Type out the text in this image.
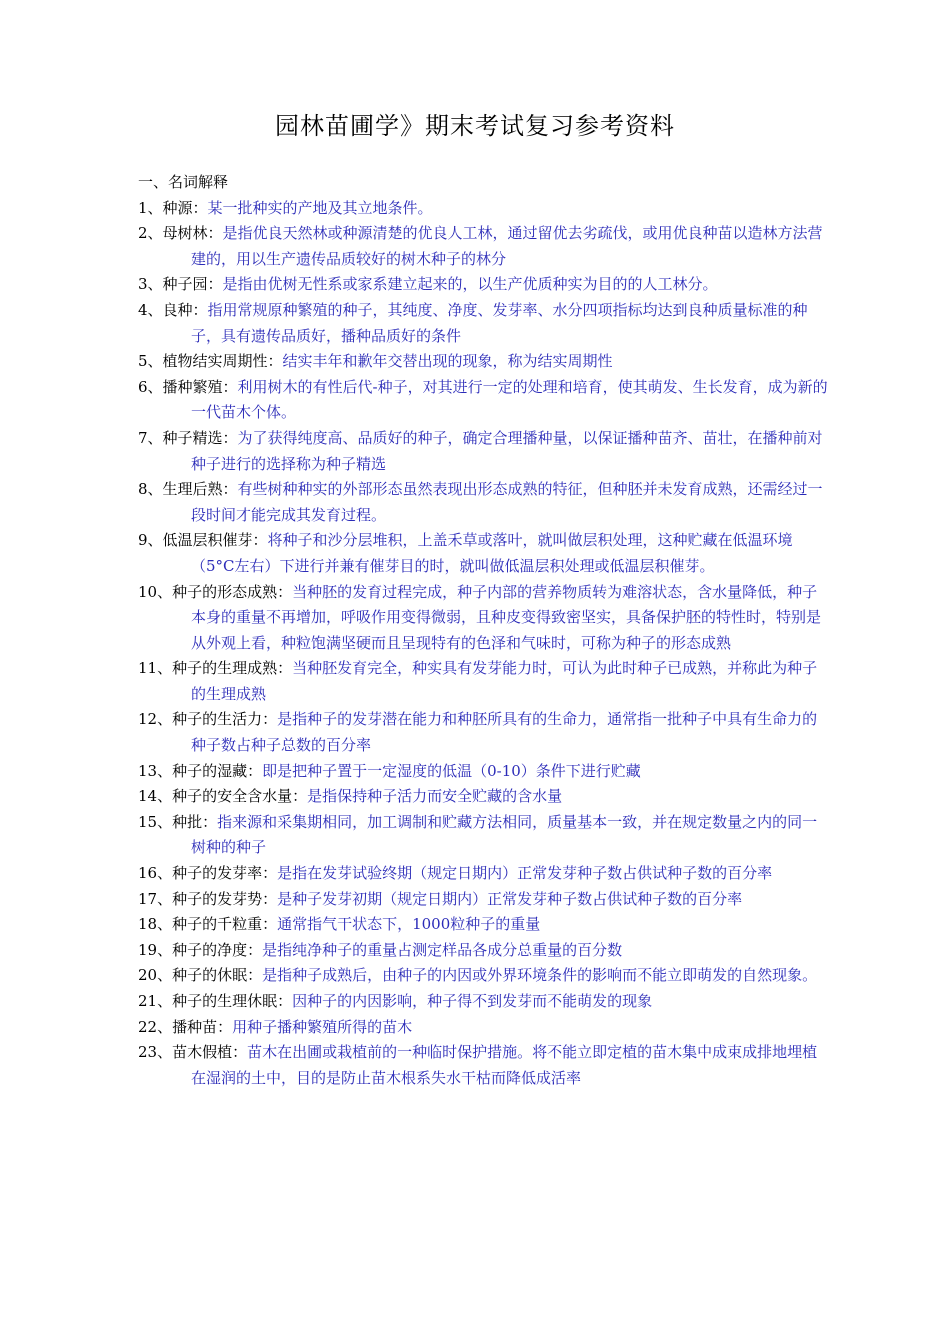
园林苗圃学》期末考试复习参考资料

一、名词解释

1、种源：某一批种实的产地及其立地条件。
2、母树林：是指优良天然林或种源清楚的优良人工林，通过留优去劣疏伐，或用优良种苗以造林方法营建的，用以生产遗传品质较好的树木种子的林分
3、种子园：是指由优树无性系或家系建立起来的，以生产优质种实为目的的人工林分。
4、良种：指用常规原种繁殖的种子，其纯度、净度、发芽率、水分四项指标均达到良种质量标准的种子，具有遗传品质好，播种品质好的条件
5、植物结实周期性：结实丰年和歉年交替出现的现象，称为结实周期性
6、播种繁殖：利用树木的有性后代-种子，对其进行一定的处理和培育，使其萌发、生长发育，成为新的一代苗木个体。
7、种子精选：为了获得纯度高、品质好的种子，确定合理播种量，以保证播种苗齐、苗壮，在播种前对种子进行的选择称为种子精选
8、生理后熟：有些树种种实的外部形态虽然表现出形态成熟的特征，但种胚并未发育成熟，还需经过一段时间才能完成其发育过程。
9、低温层积催芽：将种子和沙分层堆积，上盖禾草或落叶，就叫做层积处理，这种贮藏在低温环境（5°C左右）下进行并兼有催芽目的时，就叫做低温层积处理或低温层积催芽。
10、种子的形态成熟：当种胚的发育过程完成，种子内部的营养物质转为难溶状态，含水量降低，种子本身的重量不再增加，呼吸作用变得微弱，且种皮变得致密坚实，具备保护胚的特性时，特别是从外观上看，种粒饱满坚硬而且呈现特有的色泽和气味时，可称为种子的形态成熟
11、种子的生理成熟：当种胚发育完全，种实具有发芽能力时，可认为此时种子已成熟，并称此为种子的生理成熟
12、种子的生活力：是指种子的发芽潜在能力和种胚所具有的生命力，通常指一批种子中具有生命力的种子数占种子总数的百分率
13、种子的湿藏：即是把种子置于一定湿度的低温（0-10）条件下进行贮藏
14、种子的安全含水量：是指保持种子活力而安全贮藏的含水量
15、种批：指来源和采集期相同，加工调制和贮藏方法相同，质量基本一致，并在规定数量之内的同一树种的种子
16、种子的发芽率：是指在发芽试验终期（规定日期内）正常发芽种子数占供试种子数的百分率
17、种子的发芽势：是种子发芽初期（规定日期内）正常发芽种子数占供试种子数的百分率
18、种子的千粒重：通常指气干状态下，1000粒种子的重量
19、种子的净度：是指纯净种子的重量占测定样品各成分总重量的百分数
20、种子的休眠：是指种子成熟后，由种子的内因或外界环境条件的影响而不能立即萌发的自然现象。
21、种子的生理休眠：因种子的内因影响，种子得不到发芽而不能萌发的现象
22、播种苗：用种子播种繁殖所得的苗木
23、苗木假植：苗木在出圃或栽植前的一种临时保护措施。将不能立即定植的苗木集中成束成排地埋植在湿润的土中，目的是防止苗木根系失水干枯而降低成活率
